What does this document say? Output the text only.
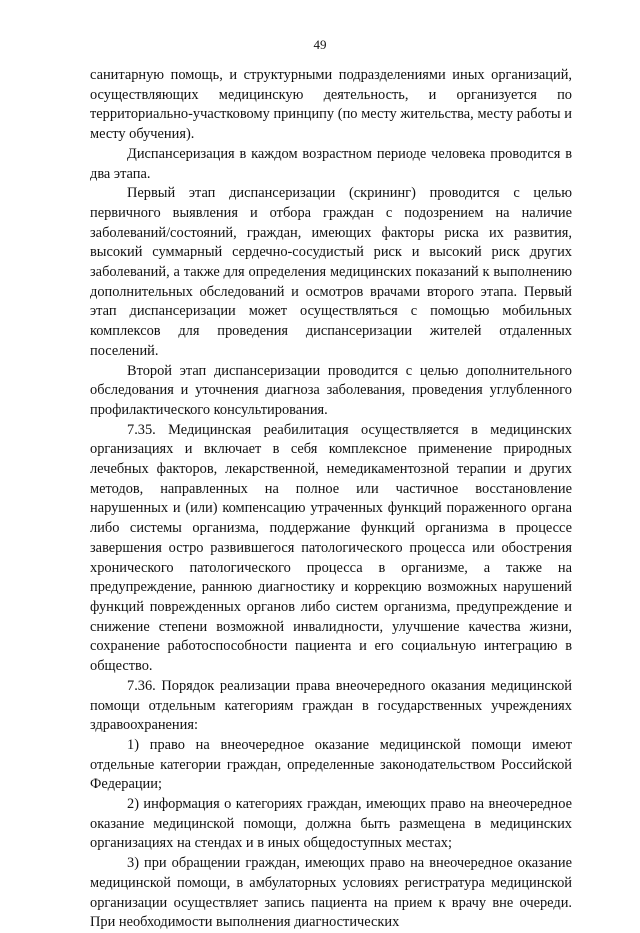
49

санитарную помощь, и структурными подразделениями иных организаций, осуществляющих медицинскую деятельность, и организуется по территориально-участковому принципу (по месту жительства, месту работы и месту обучения).

Диспансеризация в каждом возрастном периоде человека проводится в два этапа.

Первый этап диспансеризации (скрининг) проводится с целью первичного выявления и отбора граждан с подозрением на наличие заболеваний/состояний, граждан, имеющих факторы риска их развития, высокий суммарный сердечно-сосудистый риск и высокий риск других заболеваний, а также для определения медицинских показаний к выполнению дополнительных обследований и осмотров врачами второго этапа. Первый этап диспансеризации может осуществляться с помощью мобильных комплексов для проведения диспансеризации жителей отдаленных поселений.

Второй этап диспансеризации проводится с целью дополнительного обследования и уточнения диагноза заболевания, проведения углубленного профилактического консультирования.

7.35. Медицинская реабилитация осуществляется в медицинских организациях и включает в себя комплексное применение природных лечебных факторов, лекарственной, немедикаментозной терапии и других методов, направленных на полное или частичное восстановление нарушенных и (или) компенсацию утраченных функций пораженного органа либо системы организма, поддержание функций организма в процессе завершения остро развившегося патологического процесса или обострения хронического патологического процесса в организме, а также на предупреждение, раннюю диагностику и коррекцию возможных нарушений функций поврежденных органов либо систем организма, предупреждение и снижение степени возможной инвалидности, улучшение качества жизни, сохранение работоспособности пациента и его социальную интеграцию в общество.

7.36. Порядок реализации права внеочередного оказания медицинской помощи отдельным категориям граждан в государственных учреждениях здравоохранения:

1) право на внеочередное оказание медицинской помощи имеют отдельные категории граждан, определенные законодательством Российской Федерации;

2) информация о категориях граждан, имеющих право на внеочередное оказание медицинской помощи, должна быть размещена в медицинских организациях на стендах и в иных общедоступных местах;

3) при обращении граждан, имеющих право на внеочередное оказание медицинской помощи, в амбулаторных условиях регистратура медицинской организации осуществляет запись пациента на прием к врачу вне очереди. При необходимости выполнения диагностических
